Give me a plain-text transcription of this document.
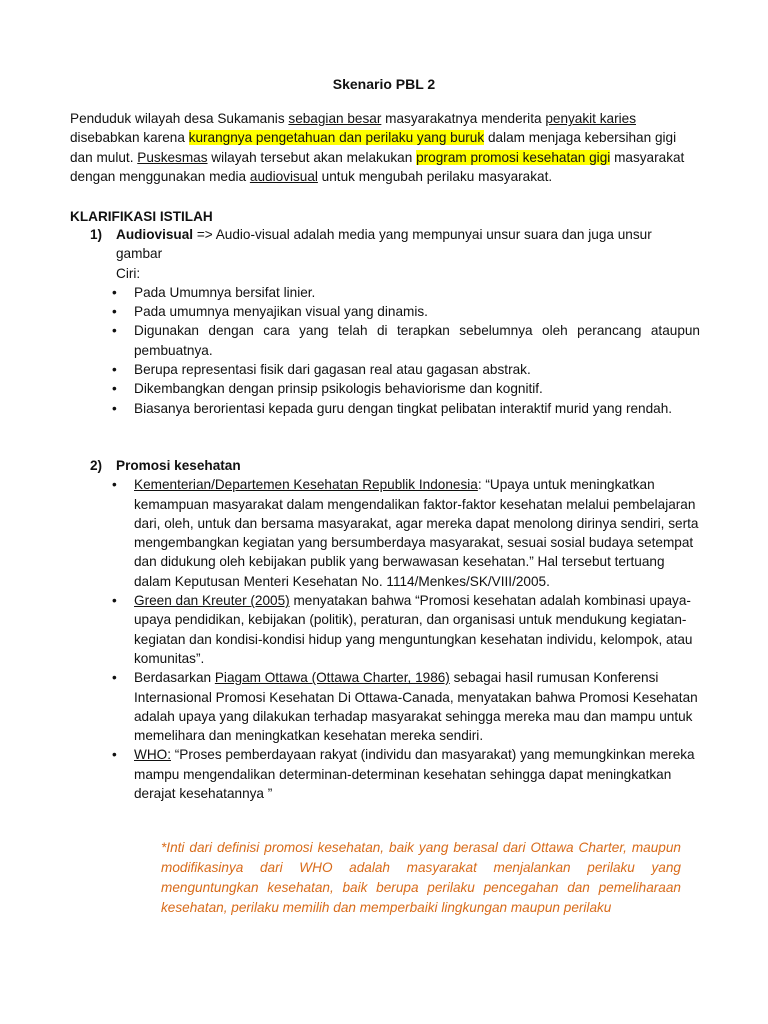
Skenario PBL 2
Penduduk wilayah desa Sukamanis sebagian besar masyarakatnya menderita penyakit karies disebabkan karena kurangnya pengetahuan dan perilaku yang buruk dalam menjaga kebersihan gigi dan mulut. Puskesmas wilayah tersebut akan melakukan program promosi kesehatan gigi masyarakat dengan menggunakan media audiovisual untuk mengubah perilaku masyarakat.
KLARIFIKASI ISTILAH
1)	Audiovisual => Audio-visual adalah media yang mempunyai unsur suara dan juga unsur gambar
Ciri:
• Pada Umumnya bersifat linier.
• Pada umumnya menyajikan visual yang dinamis.
• Digunakan dengan cara yang telah di terapkan sebelumnya oleh perancang ataupun pembuatnya.
• Berupa representasi fisik dari gagasan real atau gagasan abstrak.
• Dikembangkan dengan prinsip psikologis behaviorisme dan kognitif.
• Biasanya berorientasi kepada guru dengan tingkat pelibatan interaktif murid yang rendah.
2)	Promosi kesehatan
• Kementerian/Departemen Kesehatan Republik Indonesia: “Upaya untuk meningkatkan kemampuan masyarakat dalam mengendalikan faktor-faktor kesehatan melalui pembelajaran dari, oleh, untuk dan bersama masyarakat, agar mereka dapat menolong dirinya sendiri, serta mengembangkan kegiatan yang bersumberdaya masyarakat, sesuai sosial budaya setempat dan didukung oleh kebijakan publik yang berwawasan kesehatan.” Hal tersebut tertuang dalam Keputusan Menteri Kesehatan No. 1114/Menkes/SK/VIII/2005.
• Green dan Kreuter (2005) menyatakan bahwa “Promosi kesehatan adalah kombinasi upaya-upaya pendidikan, kebijakan (politik), peraturan, dan organisasi untuk mendukung kegiatan-kegiatan dan kondisi-kondisi hidup yang menguntungkan kesehatan individu, kelompok, atau komunitas”.
• Berdasarkan Piagam Ottawa (Ottawa Charter, 1986) sebagai hasil rumusan Konferensi Internasional Promosi Kesehatan Di Ottawa-Canada, menyatakan bahwa Promosi Kesehatan adalah upaya yang dilakukan terhadap masyarakat sehingga mereka mau dan mampu untuk memelihara dan meningkatkan kesehatan mereka sendiri.
• WHO: “Proses pemberdayaan rakyat (individu dan masyarakat) yang memungkinkan mereka mampu mengendalikan determinan-determinan kesehatan sehingga dapat meningkatkan derajat kesehatannya ”
*Inti dari definisi promosi kesehatan, baik yang berasal dari Ottawa Charter, maupun modifikasinya dari WHO adalah masyarakat menjalankan perilaku yang menguntungkan kesehatan, baik berupa perilaku pencegahan dan pemeliharaan kesehatan, perilaku memilih dan memperbaiki lingkungan maupun perilaku
